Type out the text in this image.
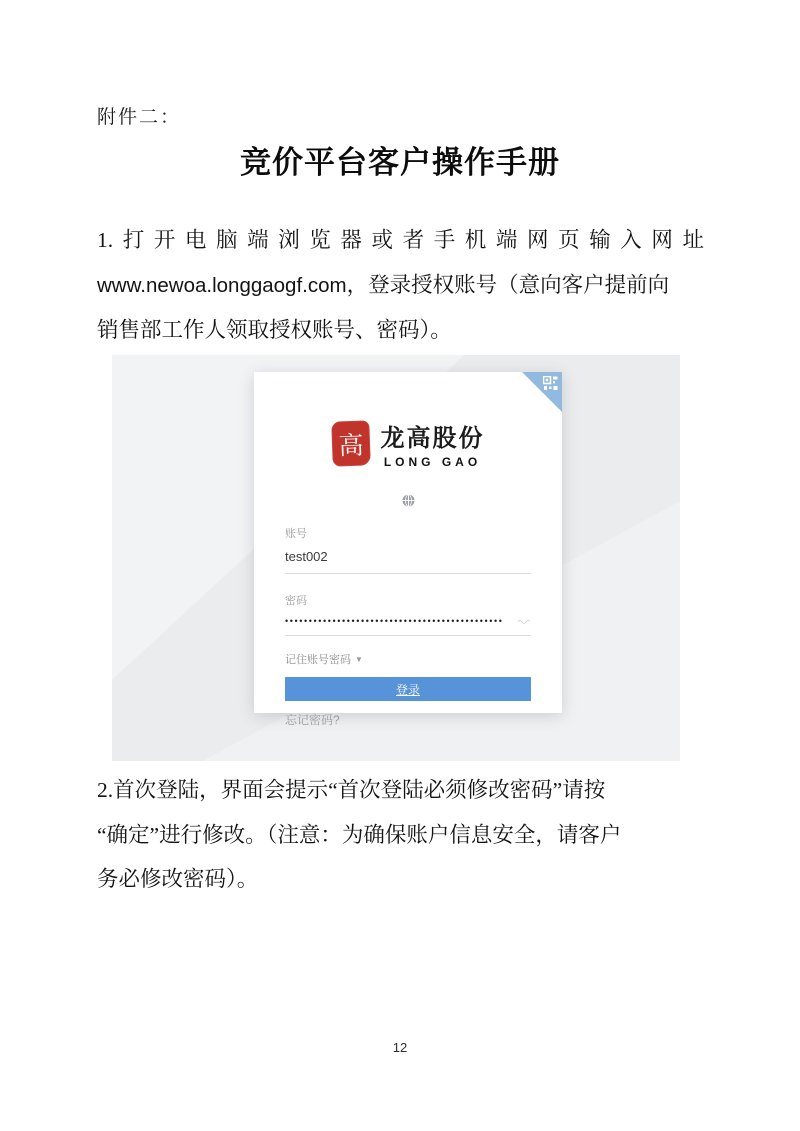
附件二：
竞价平台客户操作手册
1.打开电脑端浏览器或者手机端网页输入网址
www.newoa.longgaogf.com，登录授权账号（意向客户提前向
销售部工作人领取授权账号、密码）。
高 龙高股份
LONG GAO
账号
test002
密码
••••••••••••••••••••••••••••••••••••••••••••••
记住账号密码 ▼
登录
忘记密码?
2.首次登陆，界面会提示“首次登陆必须修改密码”请按
“确定”进行修改。（注意：为确保账户信息安全，请客户
务必修改密码）。
12
